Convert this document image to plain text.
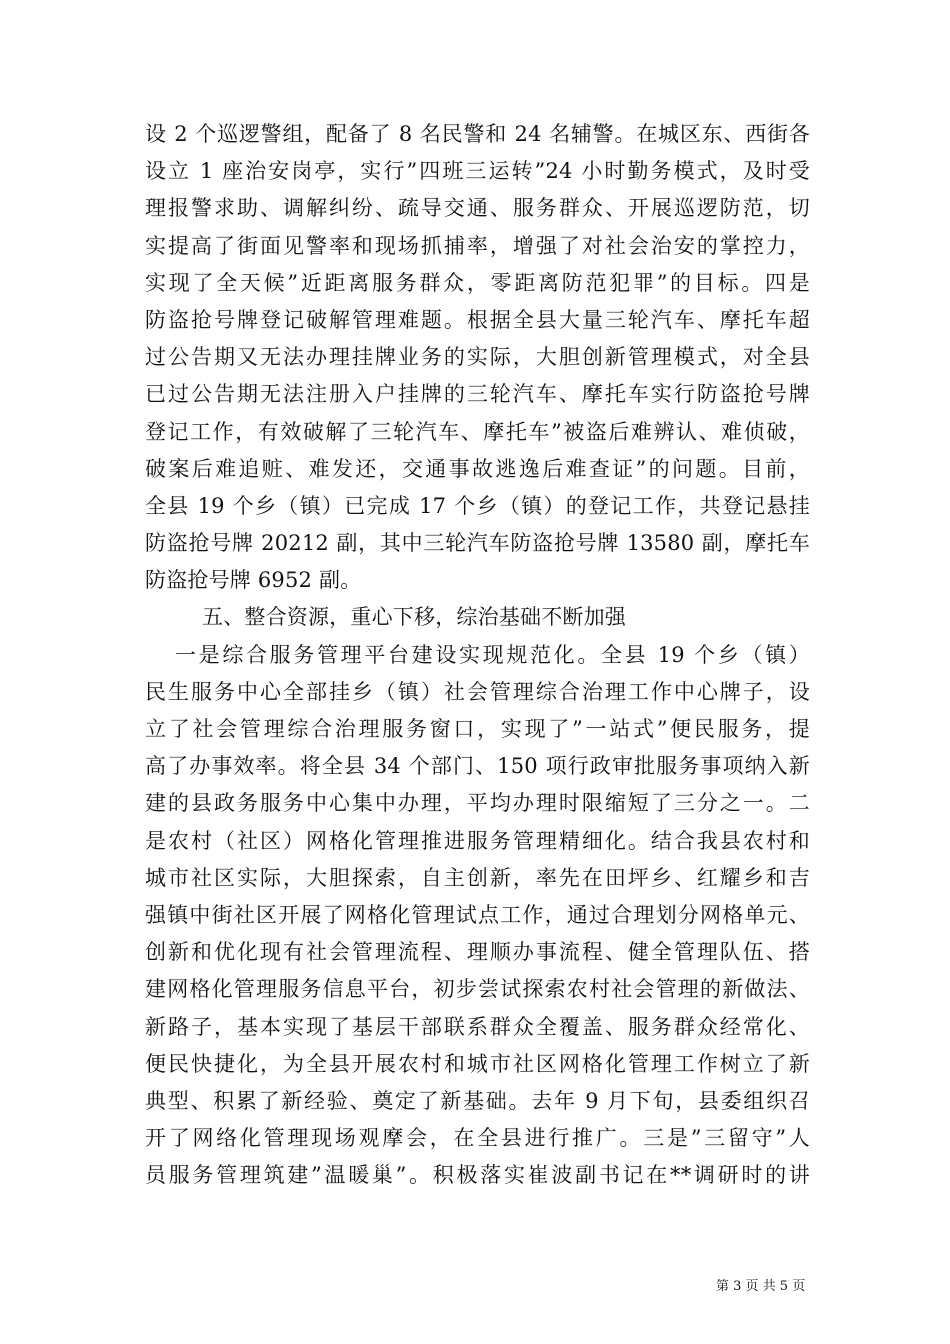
设 2 个巡逻警组，配备了 8 名民警和 24 名辅警。在城区东、西街各
设立 1 座治安岗亭，实行”四班三运转”24 小时勤务模式，及时受
理报警求助、调解纠纷、疏导交通、服务群众、开展巡逻防范，切
实提高了街面见警率和现场抓捕率，增强了对社会治安的掌控力，
实现了全天候”近距离服务群众，零距离防范犯罪”的目标。四是
防盗抢号牌登记破解管理难题。根据全县大量三轮汽车、摩托车超
过公告期又无法办理挂牌业务的实际，大胆创新管理模式，对全县
已过公告期无法注册入户挂牌的三轮汽车、摩托车实行防盗抢号牌
登记工作，有效破解了三轮汽车、摩托车”被盗后难辨认、难侦破，
破案后难追赃、难发还，交通事故逃逸后难查证”的问题。目前，
全县 19 个乡（镇）已完成 17 个乡（镇）的登记工作，共登记悬挂
防盗抢号牌 20212 副，其中三轮汽车防盗抢号牌 13580 副，摩托车
防盗抢号牌 6952 副。
五、整合资源，重心下移，综治基础不断加强
一是综合服务管理平台建设实现规范化。全县 19 个乡（镇）
民生服务中心全部挂乡（镇）社会管理综合治理工作中心牌子，设
立了社会管理综合治理服务窗口，实现了”一站式”便民服务，提
高了办事效率。将全县 34 个部门、150 项行政审批服务事项纳入新
建的县政务服务中心集中办理，平均办理时限缩短了三分之一。二
是农村（社区）网格化管理推进服务管理精细化。结合我县农村和
城市社区实际，大胆探索，自主创新，率先在田坪乡、红耀乡和吉
强镇中街社区开展了网格化管理试点工作，通过合理划分网格单元、
创新和优化现有社会管理流程、理顺办事流程、健全管理队伍、搭
建网格化管理服务信息平台，初步尝试探索农村社会管理的新做法、
新路子，基本实现了基层干部联系群众全覆盖、服务群众经常化、
便民快捷化，为全县开展农村和城市社区网格化管理工作树立了新
典型、积累了新经验、奠定了新基础。去年 9 月下旬，县委组织召
开了网络化管理现场观摩会，在全县进行推广。三是”三留守”人
员服务管理筑建”温暖巢”。积极落实崔波副书记在**调研时的讲
第 3 页 共 5 页
